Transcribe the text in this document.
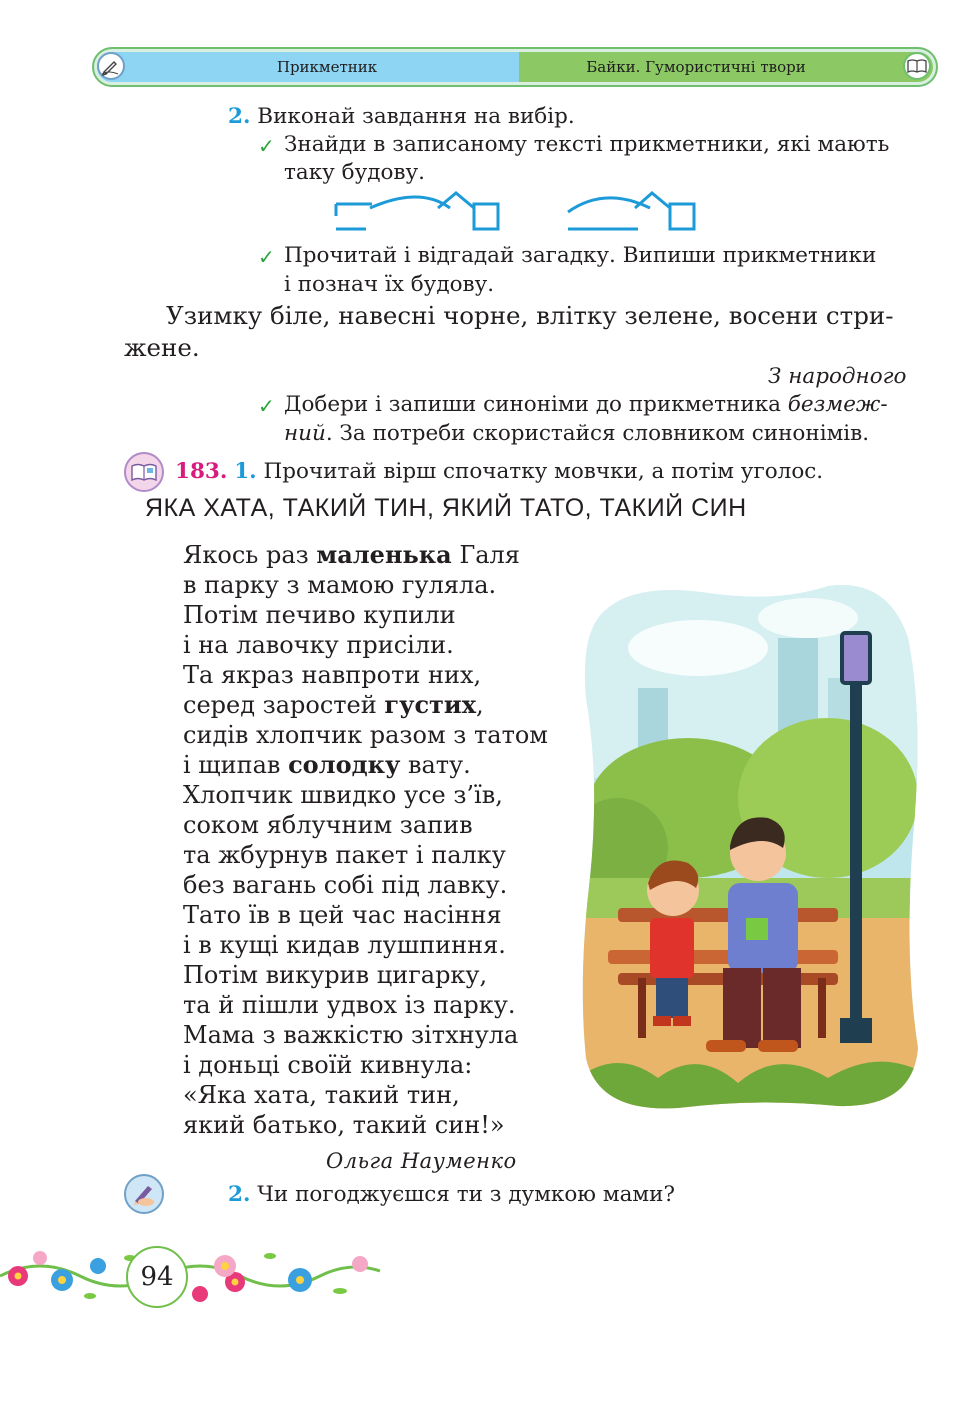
Прикметник	Байки. Гумористичні твори
2. Виконай завдання на вибір.
✓ Знайди в записаному тексті прикметники, які мають
таку будову.
✓ Прочитай і відгадай загадку. Випиши прикметники
і познач їх будову.
Узимку біле, навесні чорне, влітку зелене, восени стри-
жене.
З народного
✓ Добери і запиши синоніми до прикметника безмеж-
ний. За потреби скористайся словником синонімів.
183. 1. Прочитай вірш спочатку мовчки, а потім уголос.
ЯКА ХАТА, ТАКИЙ ТИН, ЯКИЙ ТАТО, ТАКИЙ СИН
Якось раз маленька Галя
в парку з мамою гуляла.
Потім печиво купили
і на лавочку присіли.
Та якраз навпроти них,
серед заростей густих,
сидів хлопчик разом з татом
і щипав солодку вату.
Хлопчик швидко усе з’їв,
соком яблучним запив
та жбурнув пакет і палку
без вагань собі під лавку.
Тато їв в цей час насіння
і в кущі кидав лушпиння.
Потім викурив цигарку,
та й пішли удвох із парку.
Мама з важкістю зітхнула
і доньці своїй кивнула:
«Яка хата, такий тин,
який батько, такий син!»
Ольга Науменко
2. Чи погоджуєшся ти з думкою мами?
94
